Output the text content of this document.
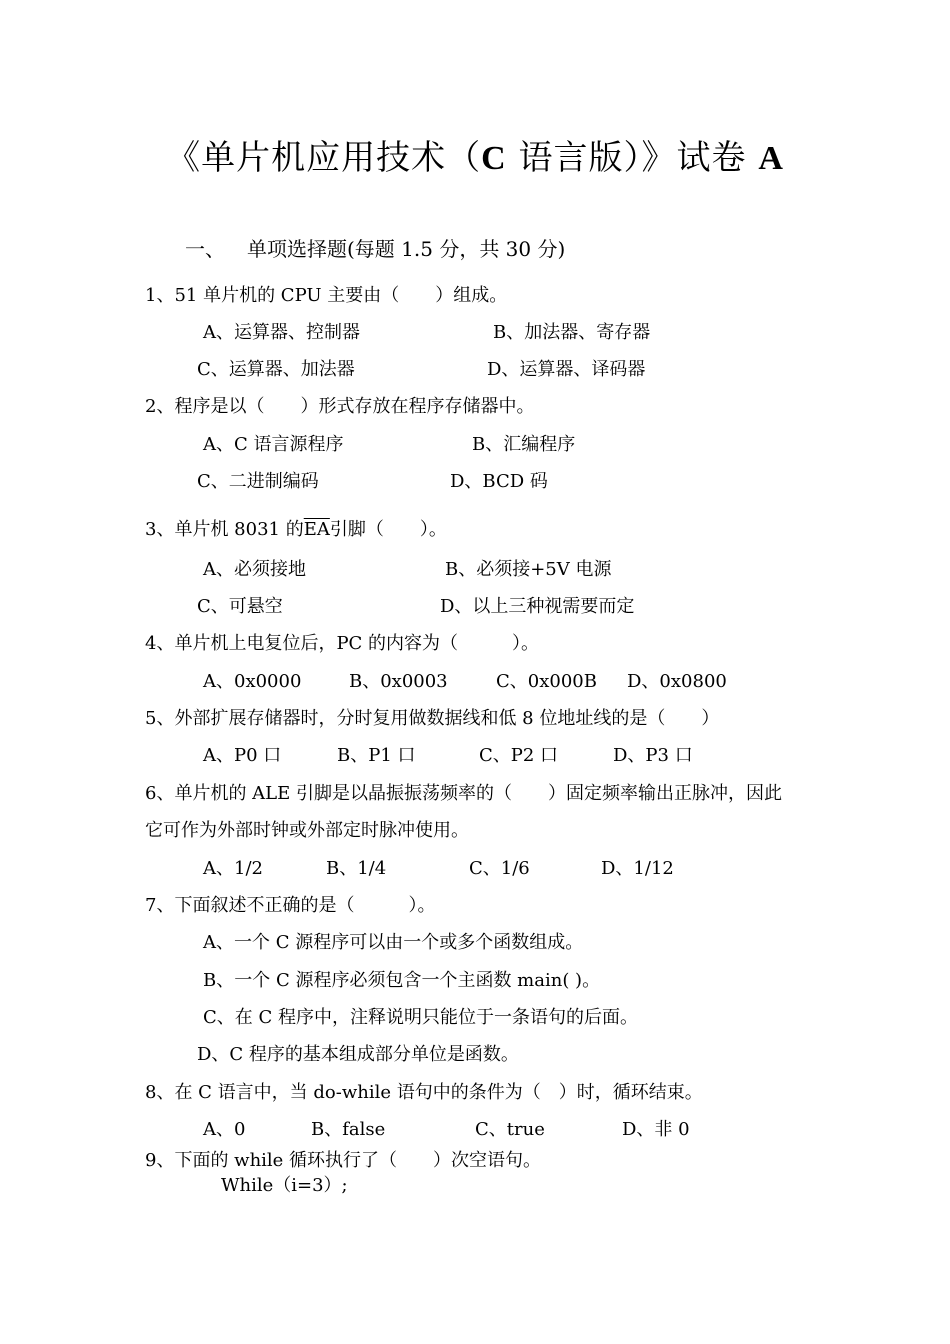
《单片机应用技术（C 语言版）》试卷 A
一、 单项选择题(每题 1.5 分，共 30 分)
1、51 单片机的 CPU 主要由（　　）组成。
A、运算器、控制器	B、加法器、寄存器
C、运算器、加法器	D、运算器、译码器
2、程序是以（　　）形式存放在程序存储器中。
A、C 语言源程序	B、汇编程序
C、二进制编码	D、BCD 码
3、单片机 8031 的$\overline{EA}$引脚（　　）。
A、必须接地	B、必须接+5V 电源
C、可悬空	D、以上三种视需要而定
4、单片机上电复位后，PC 的内容为（　　　）。
A、0x0000	B、0x0003	C、0x000B D、0x0800
5、外部扩展存储器时，分时复用做数据线和低 8 位地址线的是（　　）
A、P0 口	B、P1 口	C、P2 口	D、P3 口
6、单片机的 ALE 引脚是以晶振振荡频率的（　　）固定频率输出正脉冲，因此
它可作为外部时钟或外部定时脉冲使用。
A、1/2	B、1/4	C、1/6	D、1/12
7、下面叙述不正确的是（　　　）。
A、一个 C 源程序可以由一个或多个函数组成。
B、一个 C 源程序必须包含一个主函数 main( )。
C、在 C 程序中，注释说明只能位于一条语句的后面。
D、C 程序的基本组成部分单位是函数。
8、在 C 语言中，当 do-while 语句中的条件为（　）时，循环结束。
A、0	B、false	C、true	D、非 0
9、下面的 while 循环执行了（　　）次空语句。
While（i=3）;
